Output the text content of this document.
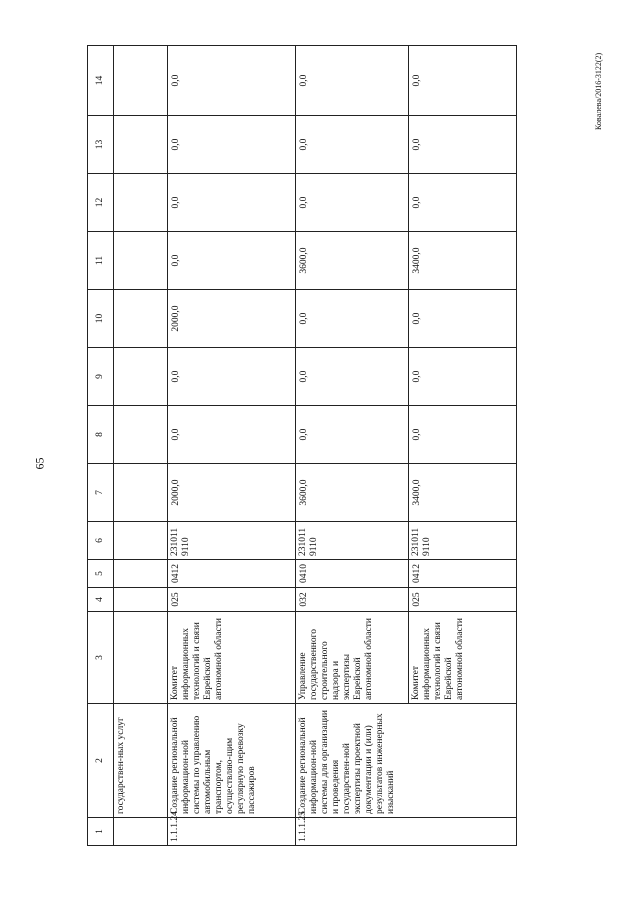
65
Ковалева/2016-3122(2)
1	2	3	4	5	6	7	8	9	10	11	12	13	14
	государствен-ных услуг												
1.1.1.24	Создание региональной информацион-ной системы по управлению автомобильным транспортом, осуществляю-щим регулярную перевозку пассажиров	Комитет информационных технологий и связи Еврейской автономной области	025	0412	2310119110	2000,0	0,0	0,0	2000,0	0,0	0,0	0,0	0,0
1.1.1.25	Создание региональной информацион-ной системы для организации и проведения государствен-ной экспертизы проектной документации и (или) результатов инженерных изысканий	Управление государственного строительного надзора и экспертизы Еврейской автономной области	032	0410	2310119110	3600,0	0,0	0,0	0,0	3600,0	0,0	0,0	0,0
		Комитет информационных технологий и связи Еврейской автономной области	025	0412	2310119110	3400,0	0,0	0,0	0,0	3400,0	0,0	0,0	0,0
